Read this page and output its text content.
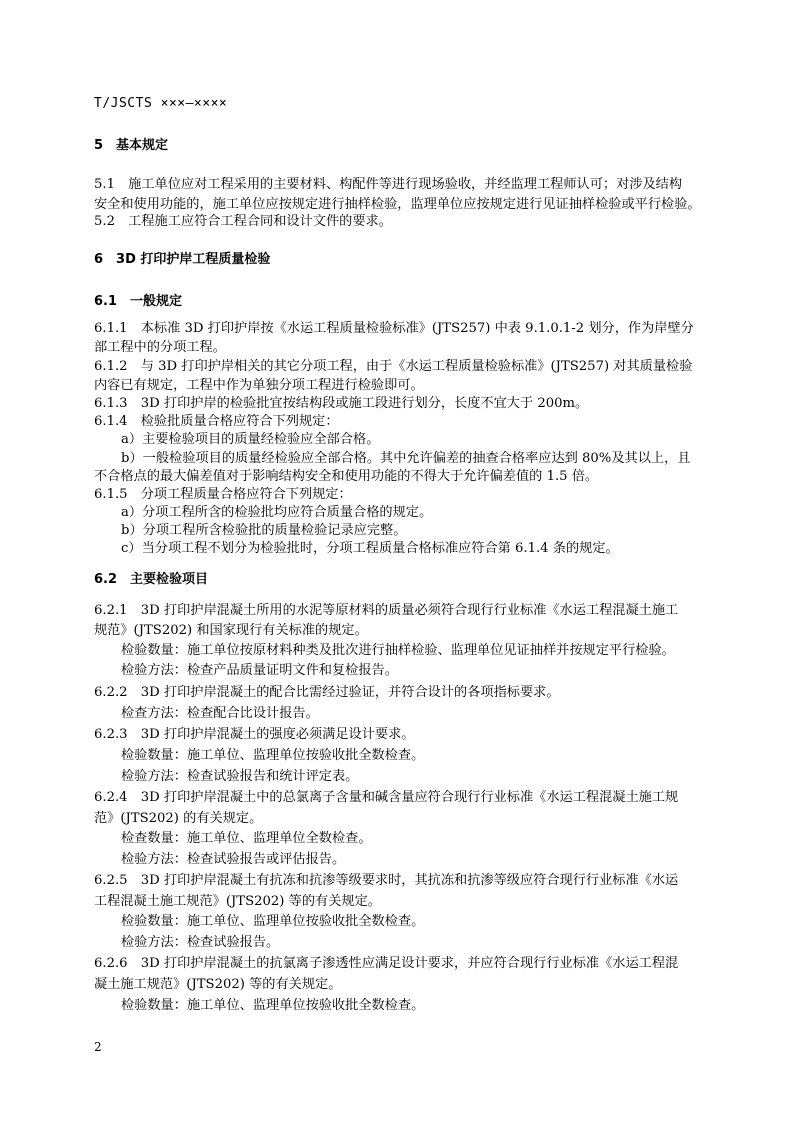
T/JSCTS ×××—××××
5　基本规定
5.1　施工单位应对工程采用的主要材料、构配件等进行现场验收，并经监理工程师认可；对涉及结构
安全和使用功能的，施工单位应按规定进行抽样检验，监理单位应按规定进行见证抽样检验或平行检验。
5.2　工程施工应符合工程合同和设计文件的要求。
6　3D 打印护岸工程质量检验
6.1　一般规定
6.1.1　本标准 3D 打印护岸按《水运工程质量检验标准》(JTS257) 中表 9.1.0.1-2 划分，作为岸壁分
部工程中的分项工程。
6.1.2　与 3D 打印护岸相关的其它分项工程，由于《水运工程质量检验标准》(JTS257) 对其质量检验
内容已有规定，工程中作为单独分项工程进行检验即可。
6.1.3　3D 打印护岸的检验批宜按结构段或施工段进行划分，长度不宜大于 200m。
6.1.4　检验批质量合格应符合下列规定：
a）主要检验项目的质量经检验应全部合格。
b）一般检验项目的质量经检验应全部合格。其中允许偏差的抽查合格率应达到 80%及其以上，且
不合格点的最大偏差值对于影响结构安全和使用功能的不得大于允许偏差值的 1.5 倍。
6.1.5　分项工程质量合格应符合下列规定：
a）分项工程所含的检验批均应符合质量合格的规定。
b）分项工程所含检验批的质量检验记录应完整。
c）当分项工程不划分为检验批时，分项工程质量合格标准应符合第 6.1.4 条的规定。
6.2　主要检验项目
6.2.1　3D 打印护岸混凝土所用的水泥等原材料的质量必须符合现行行业标准《水运工程混凝土施工
规范》(JTS202) 和国家现行有关标准的规定。
检验数量：施工单位按原材料种类及批次进行抽样检验、监理单位见证抽样并按规定平行检验。
检验方法：检查产品质量证明文件和复检报告。
6.2.2　3D 打印护岸混凝土的配合比需经过验证，并符合设计的各项指标要求。
检查方法：检查配合比设计报告。
6.2.3　3D 打印护岸混凝土的强度必须满足设计要求。
检验数量：施工单位、监理单位按验收批全数检查。
检验方法：检查试验报告和统计评定表。
6.2.4　3D 打印护岸混凝土中的总氯离子含量和碱含量应符合现行行业标准《水运工程混凝土施工规
范》(JTS202) 的有关规定。
检查数量：施工单位、监理单位全数检查。
检验方法：检查试验报告或评估报告。
6.2.5　3D 打印护岸混凝土有抗冻和抗渗等级要求时，其抗冻和抗渗等级应符合现行行业标准《水运
工程混凝土施工规范》(JTS202) 等的有关规定。
检验数量：施工单位、监理单位按验收批全数检查。
检验方法：检查试验报告。
6.2.6　3D 打印护岸混凝土的抗氯离子渗透性应满足设计要求，并应符合现行行业标准《水运工程混
凝土施工规范》(JTS202) 等的有关规定。
检验数量：施工单位、监理单位按验收批全数检查。
2
